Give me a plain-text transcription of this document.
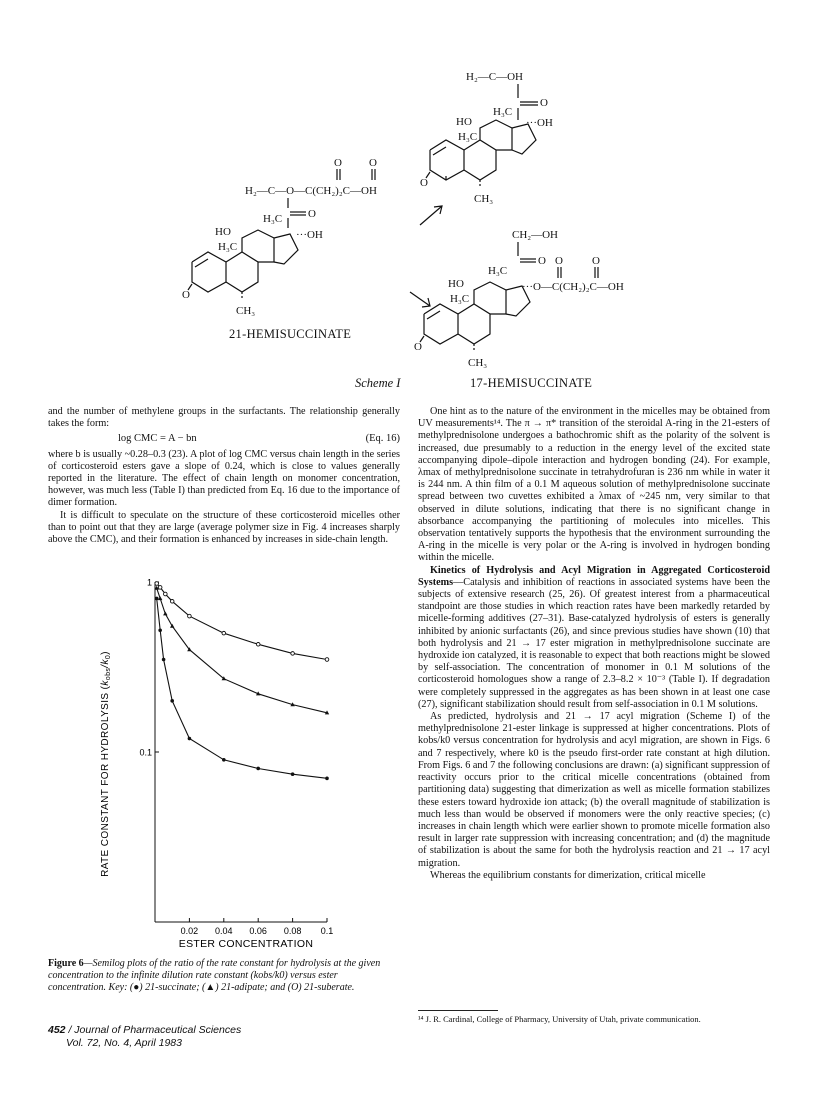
H₂—C—OH
O
HO
H₃C
···OH
H₃C
O
CH₃
O O
H₂—C—O—C(CH₂)₂C—OH
O
H₃C
···OH
HO
H₃C
O
CH₃
CH₂—OH
O O	O
H₃C
···O—C(CH₂)₂C—OH
HO
H₃C
O
CH₃
21-HEMISUCCINATE
Scheme I	17-HEMISUCCINATE

and the number of methylene groups in the surfactants. The relationship generally takes the form:

log CMC = A − bn	(Eq. 16)

where b is usually ~0.28–0.3 (23). A plot of log CMC versus chain length in the series of corticosteroid esters gave a slope of 0.24, which is close to values generally reported in the literature. The effect of chain length on monomer concentration, however, was much less (Table I) than predicted from Eq. 16 due to the importance of dimer formation.

It is difficult to speculate on the structure of these corticosteroid micelles other than to point out that they are large (average polymer size in Fig. 4 increases sharply above the CMC), and their formation is enhanced by increases in side-chain length.

1
0.1
0.02 0.04 0.06 0.08 0.1
RATE CONSTANT FOR HYDROLYSIS $(k_{obs}/k_0)$
ESTER CONCENTRATION
Figure 6—Semilog plots of the ratio of the rate constant for hydrolysis at the given concentration to the infinite dilution rate constant (kobs/k0) versus ester concentration. Key: (●) 21-succinate; (▲) 21-adipate; and (O) 21-suberate.
452 / Journal of Pharmaceutical Sciences
Vol. 72, No. 4, April 1983

One hint as to the nature of the environment in the micelles may be obtained from UV measurements¹⁴. The π → π* transition of the steroidal A-ring in the 21-esters of methylprednisolone undergoes a bathochromic shift as the polarity of the solvent is increased, due presumably to a reduction in the energy level of the excited state accompanying dipole–dipole interaction and hydrogen bonding (24). For example, λmax of methylprednisolone succinate in tetrahydrofuran is 236 nm while in water it is 244 nm. A thin film of a 0.1 M aqueous solution of methylprednisolone succinate spread between two cuvettes exhibited a λmax of ~245 nm, very similar to that observed in dilute solutions, indicating that there is no significant change in absorbance accompanying the partitioning of molecules into micelles. This observation tentatively supports the hypothesis that the environment surrounding the A-ring in the micelle is very polar or the A-ring is involved in hydrogen bonding within the micelle.

Kinetics of Hydrolysis and Acyl Migration in Aggregated Corticosteroid Systems—Catalysis and inhibition of reactions in associated systems have been the subjects of extensive research (25, 26). Of greatest interest from a pharmaceutical standpoint are those studies in which reaction rates have been markedly retarded by micelle-forming additives (27–31). Base-catalyzed hydrolysis of esters is generally inhibited by anionic surfactants (26), and since previous studies have shown (10) that both hydrolysis and 21 → 17 ester migration in methylprednisolone succinate are hydroxide ion catalyzed, it is reasonable to expect that both reactions might be slowed by self-association. The concentration of monomer in 0.1 M solutions of the corticosteroid homologues show a range of 2.3–8.2 × 10⁻³ (Table I). If degradation were completely suppressed in the aggregates as has been shown in at least one case (27), significant stabilization should result from self-association in 0.1 M solutions.

As predicted, hydrolysis and 21 → 17 acyl migration (Scheme I) of the methylprednisolone 21-ester linkage is suppressed at higher concentrations. Plots of kobs/k0 versus concentration for hydrolysis and acyl migration, are shown in Figs. 6 and 7 respectively, where k0 is the pseudo first-order rate constant at high dilution. From Figs. 6 and 7 the following conclusions are drawn: (a) significant suppression of reactivity occurs prior to the critical micelle concentrations (obtained from partitioning data) suggesting that dimerization as well as micelle formation stabilizes these esters toward hydroxide ion attack; (b) the overall magnitude of stabilization is much less than would be observed if monomers were the only reactive species; (c) increases in chain length which were earlier shown to promote micelle formation also result in larger rate suppression with increasing concentration; and (d) the magnitude of stabilization is about the same for both the hydrolysis reaction and 21 → 17 acyl migration.

Whereas the equilibrium constants for dimerization, critical micelle

¹⁴ J. R. Cardinal, College of Pharmacy, University of Utah, private communication.
